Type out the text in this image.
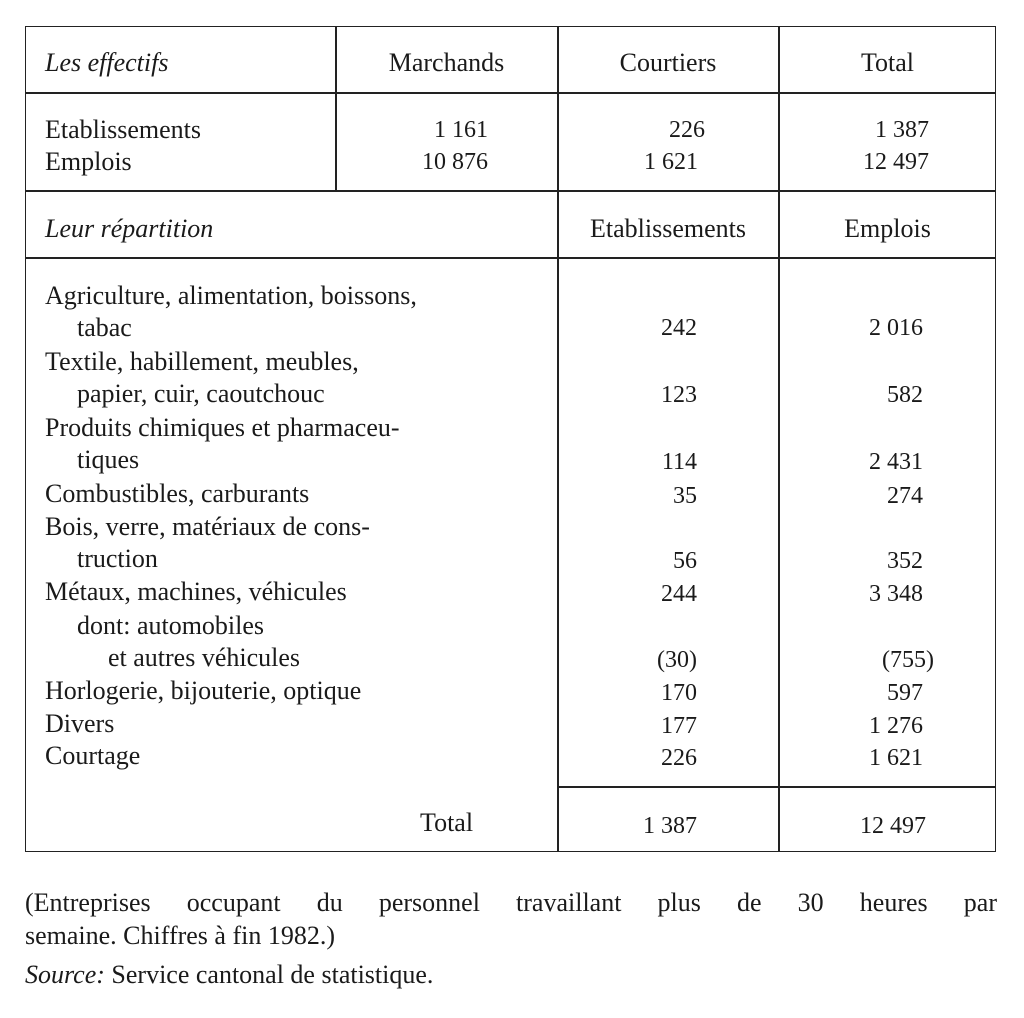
Les effectifs	Marchands	Courtiers	Total
Etablissements	1 161	226	1 387
Emplois	10 876	1 621	12 497
Leur répartition	Etablissements	Emplois
Agriculture, alimentation, boissons,
tabac	242	2 016
Textile, habillement, meubles,
papier, cuir, caoutchouc	123	582
Produits chimiques et pharmaceu-
tiques	114	2 431
Combustibles, carburants	35	274
Bois, verre, matériaux de cons-
truction	56	352
Métaux, machines, véhicules	244	3 348
dont: automobiles
et autres véhicules	(30)	(755)
Horlogerie, bijouterie, optique	170	597
Divers	177	1 276
Courtage	226	1 621
Total	1 387	12 497
(Entreprises occupant du personnel travaillant plus de 30 heures par
semaine. Chiffres à fin 1982.)
Source: Service cantonal de statistique.
